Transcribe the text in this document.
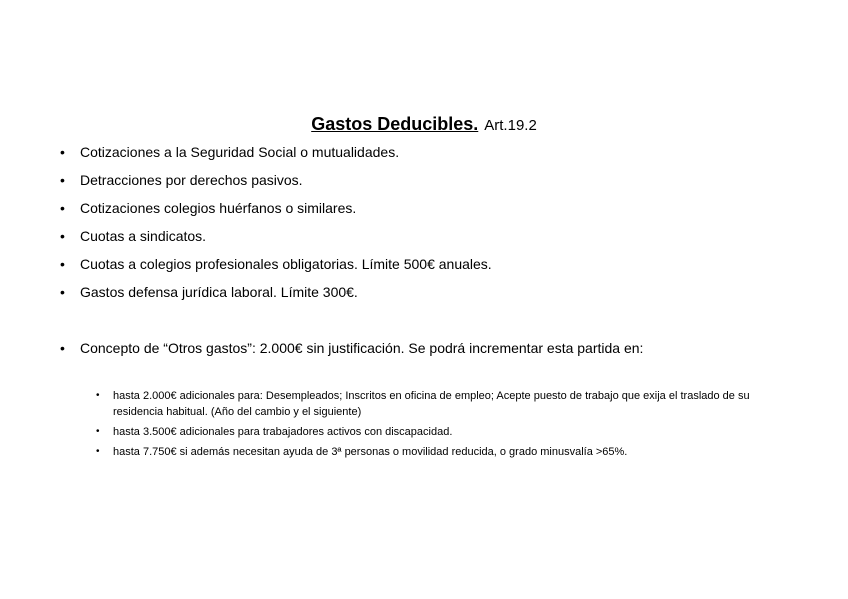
Gastos Deducibles. Art.19.2
• Cotizaciones a la Seguridad Social o mutualidades.
• Detracciones por derechos pasivos.
• Cotizaciones colegios huérfanos o similares.
• Cuotas a sindicatos.
• Cuotas a colegios profesionales obligatorias. Límite 500€ anuales.
• Gastos defensa jurídica laboral. Límite 300€.
• Concepto de “Otros gastos”: 2.000€ sin justificación. Se podrá incrementar esta partida en:
• hasta 2.000€ adicionales para: Desempleados; Inscritos en oficina de empleo; Acepte puesto de trabajo que exija el traslado de su residencia habitual. (Año del cambio y el siguiente)
• hasta 3.500€ adicionales para trabajadores activos con discapacidad.
• hasta 7.750€ si además necesitan ayuda de 3ª personas o movilidad reducida, o grado minusvalía >65%.
